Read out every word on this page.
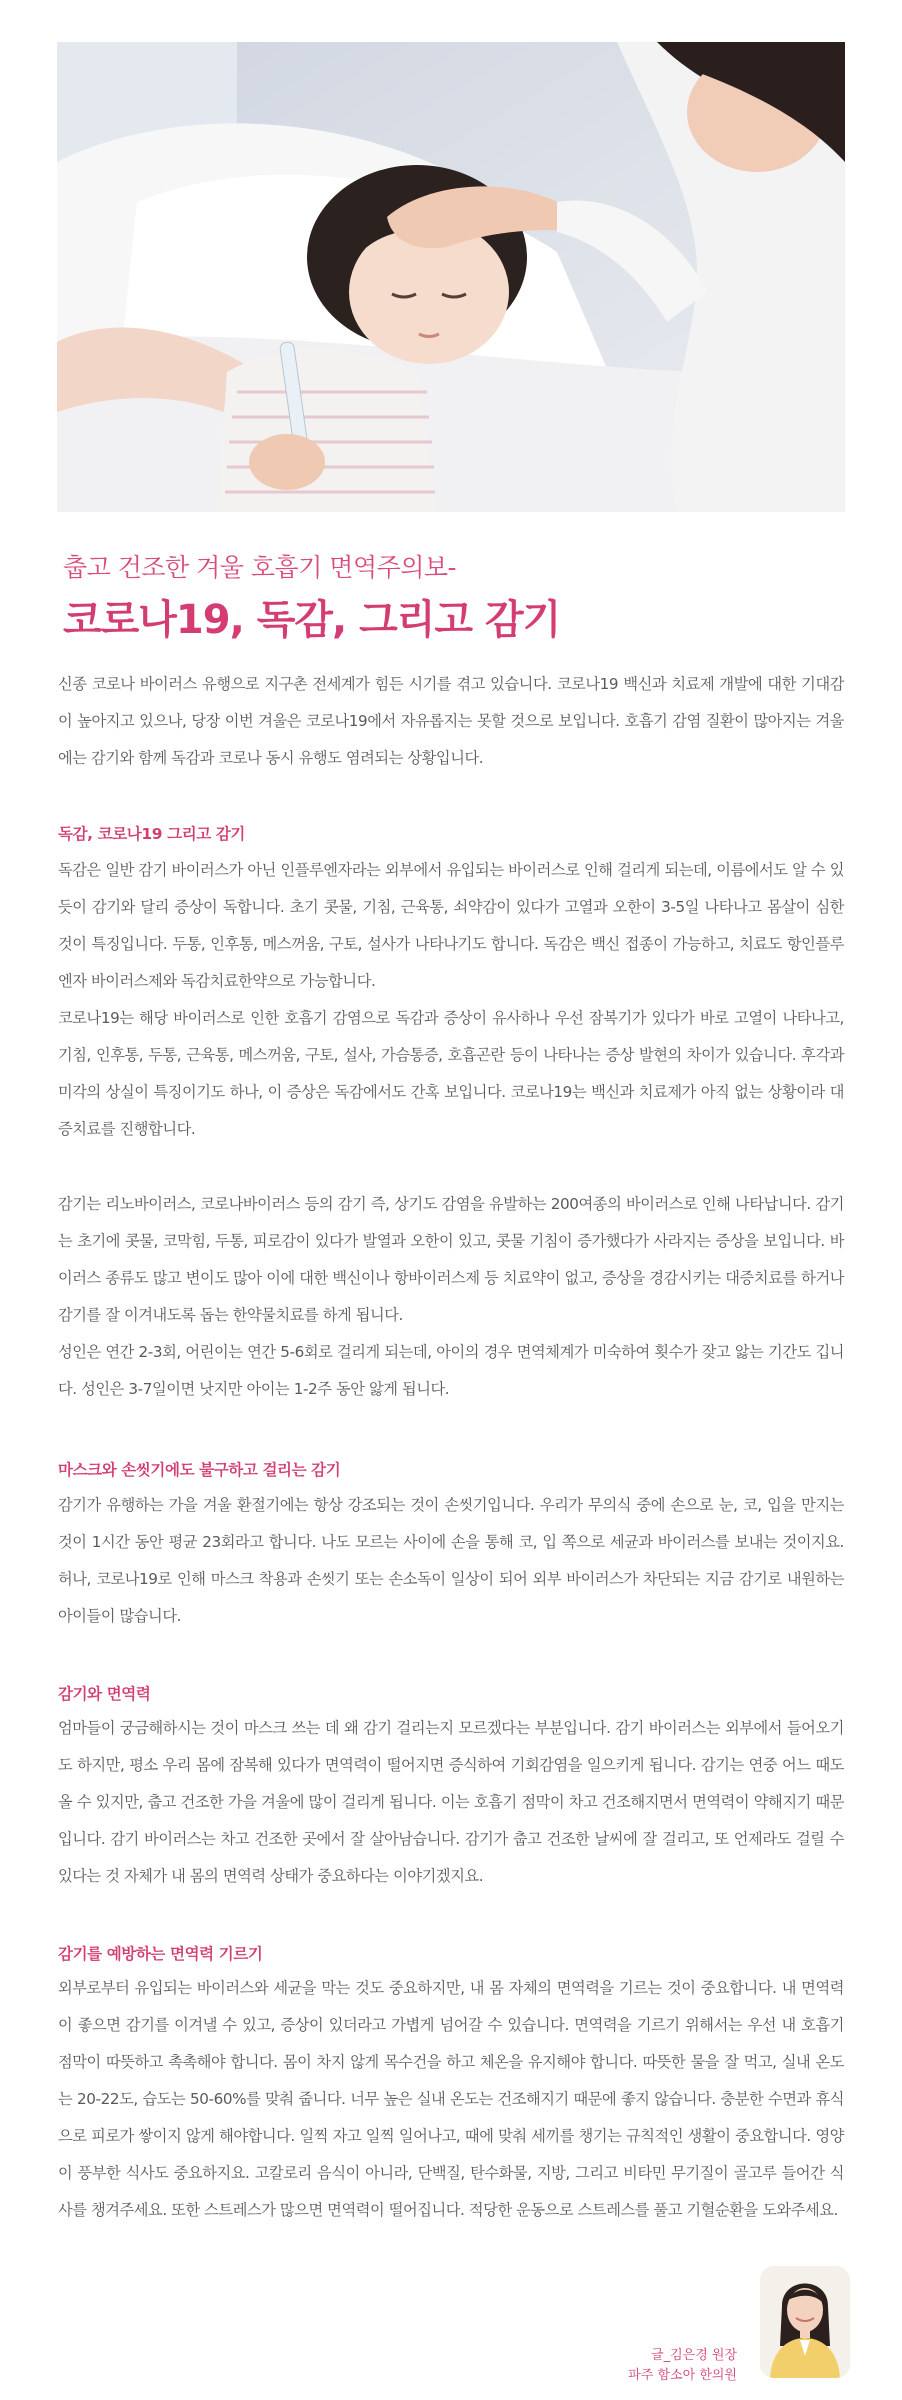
춥고 건조한 겨울 호흡기 면역주의보-
코로나19, 독감, 그리고 감기

신종 코로나 바이러스 유행으로 지구촌 전세계가 힘든 시기를 겪고 있습니다. 코로나19 백신과 치료제 개발에 대한 기대감이 높아지고 있으나, 당장 이번 겨울은 코로나19에서 자유롭지는 못할 것으로 보입니다. 호흡기 감염 질환이 많아지는 겨울에는 감기와 함께 독감과 코로나 동시 유행도 염려되는 상황입니다.

독감, 코로나19 그리고 감기

독감은 일반 감기 바이러스가 아닌 인플루엔자라는 외부에서 유입되는 바이러스로 인해 걸리게 되는데, 이름에서도 알 수 있듯이 감기와 달리 증상이 독합니다. 초기 콧물, 기침, 근육통, 쇠약감이 있다가 고열과 오한이 3-5일 나타나고 몸살이 심한 것이 특징입니다. 두통, 인후통, 메스꺼움, 구토, 설사가 나타나기도 합니다. 독감은 백신 접종이 가능하고, 치료도 항인플루엔자 바이러스제와 독감치료한약으로 가능합니다.

코로나19는 해당 바이러스로 인한 호흡기 감염으로 독감과 증상이 유사하나 우선 잠복기가 있다가 바로 고열이 나타나고, 기침, 인후통, 두통, 근육통, 메스꺼움, 구토, 설사, 가슴통증, 호흡곤란 등이 나타나는 증상 발현의 차이가 있습니다. 후각과 미각의 상실이 특징이기도 하나, 이 증상은 독감에서도 간혹 보입니다. 코로나19는 백신과 치료제가 아직 없는 상황이라 대증치료를 진행합니다.

감기는 리노바이러스, 코로나바이러스 등의 감기 즉, 상기도 감염을 유발하는 200여종의 바이러스로 인해 나타납니다. 감기는 초기에 콧물, 코막힘, 두통, 피로감이 있다가 발열과 오한이 있고, 콧물 기침이 증가했다가 사라지는 증상을 보입니다. 바이러스 종류도 많고 변이도 많아 이에 대한 백신이나 항바이러스제 등 치료약이 없고, 증상을 경감시키는 대증치료를 하거나 감기를 잘 이겨내도록 돕는 한약물치료를 하게 됩니다.

성인은 연간 2-3회, 어린이는 연간 5-6회로 걸리게 되는데, 아이의 경우 면역체계가 미숙하여 횟수가 잦고 앓는 기간도 깁니다. 성인은 3-7일이면 낫지만 아이는 1-2주 동안 앓게 됩니다.

마스크와 손씻기에도 불구하고 걸리는 감기

감기가 유행하는 가을 겨울 환절기에는 항상 강조되는 것이 손씻기입니다. 우리가 무의식 중에 손으로 눈, 코, 입을 만지는 것이 1시간 동안 평균 23회라고 합니다. 나도 모르는 사이에 손을 통해 코, 입 쪽으로 세균과 바이러스를 보내는 것이지요. 허나, 코로나19로 인해 마스크 착용과 손씻기 또는 손소독이 일상이 되어 외부 바이러스가 차단되는 지금 감기로 내원하는 아이들이 많습니다.

감기와 면역력

엄마들이 궁금해하시는 것이 마스크 쓰는 데 왜 감기 걸리는지 모르겠다는 부분입니다. 감기 바이러스는 외부에서 들어오기도 하지만, 평소 우리 몸에 잠복해 있다가 면역력이 떨어지면 증식하여 기회감염을 일으키게 됩니다. 감기는 연중 어느 때도 올 수 있지만, 춥고 건조한 가을 겨울에 많이 걸리게 됩니다. 이는 호흡기 점막이 차고 건조해지면서 면역력이 약해지기 때문입니다. 감기 바이러스는 차고 건조한 곳에서 잘 살아남습니다. 감기가 춥고 건조한 날씨에 잘 걸리고, 또 언제라도 걸릴 수 있다는 것 자체가 내 몸의 면역력 상태가 중요하다는 이야기겠지요.

감기를 예방하는 면역력 기르기

외부로부터 유입되는 바이러스와 세균을 막는 것도 중요하지만, 내 몸 자체의 면역력을 기르는 것이 중요합니다. 내 면역력이 좋으면 감기를 이겨낼 수 있고, 증상이 있더라고 가볍게 넘어갈 수 있습니다. 면역력을 기르기 위해서는 우선 내 호흡기 점막이 따뜻하고 촉촉해야 합니다. 몸이 차지 않게 목수건을 하고 체온을 유지해야 합니다. 따뜻한 물을 잘 먹고, 실내 온도는 20-22도, 습도는 50-60%를 맞춰 줍니다. 너무 높은 실내 온도는 건조해지기 때문에 좋지 않습니다. 충분한 수면과 휴식으로 피로가 쌓이지 않게 해야합니다. 일찍 자고 일찍 일어나고, 때에 맞춰 세끼를 챙기는 규칙적인 생활이 중요합니다. 영양이 풍부한 식사도 중요하지요. 고칼로리 음식이 아니라, 단백질, 탄수화물, 지방, 그리고 비타민 무기질이 골고루 들어간 식사를 챙겨주세요. 또한 스트레스가 많으면 면역력이 떨어집니다. 적당한 운동으로 스트레스를 풀고 기혈순환을 도와주세요.

글_김은경 원장
파주 함소아 한의원
